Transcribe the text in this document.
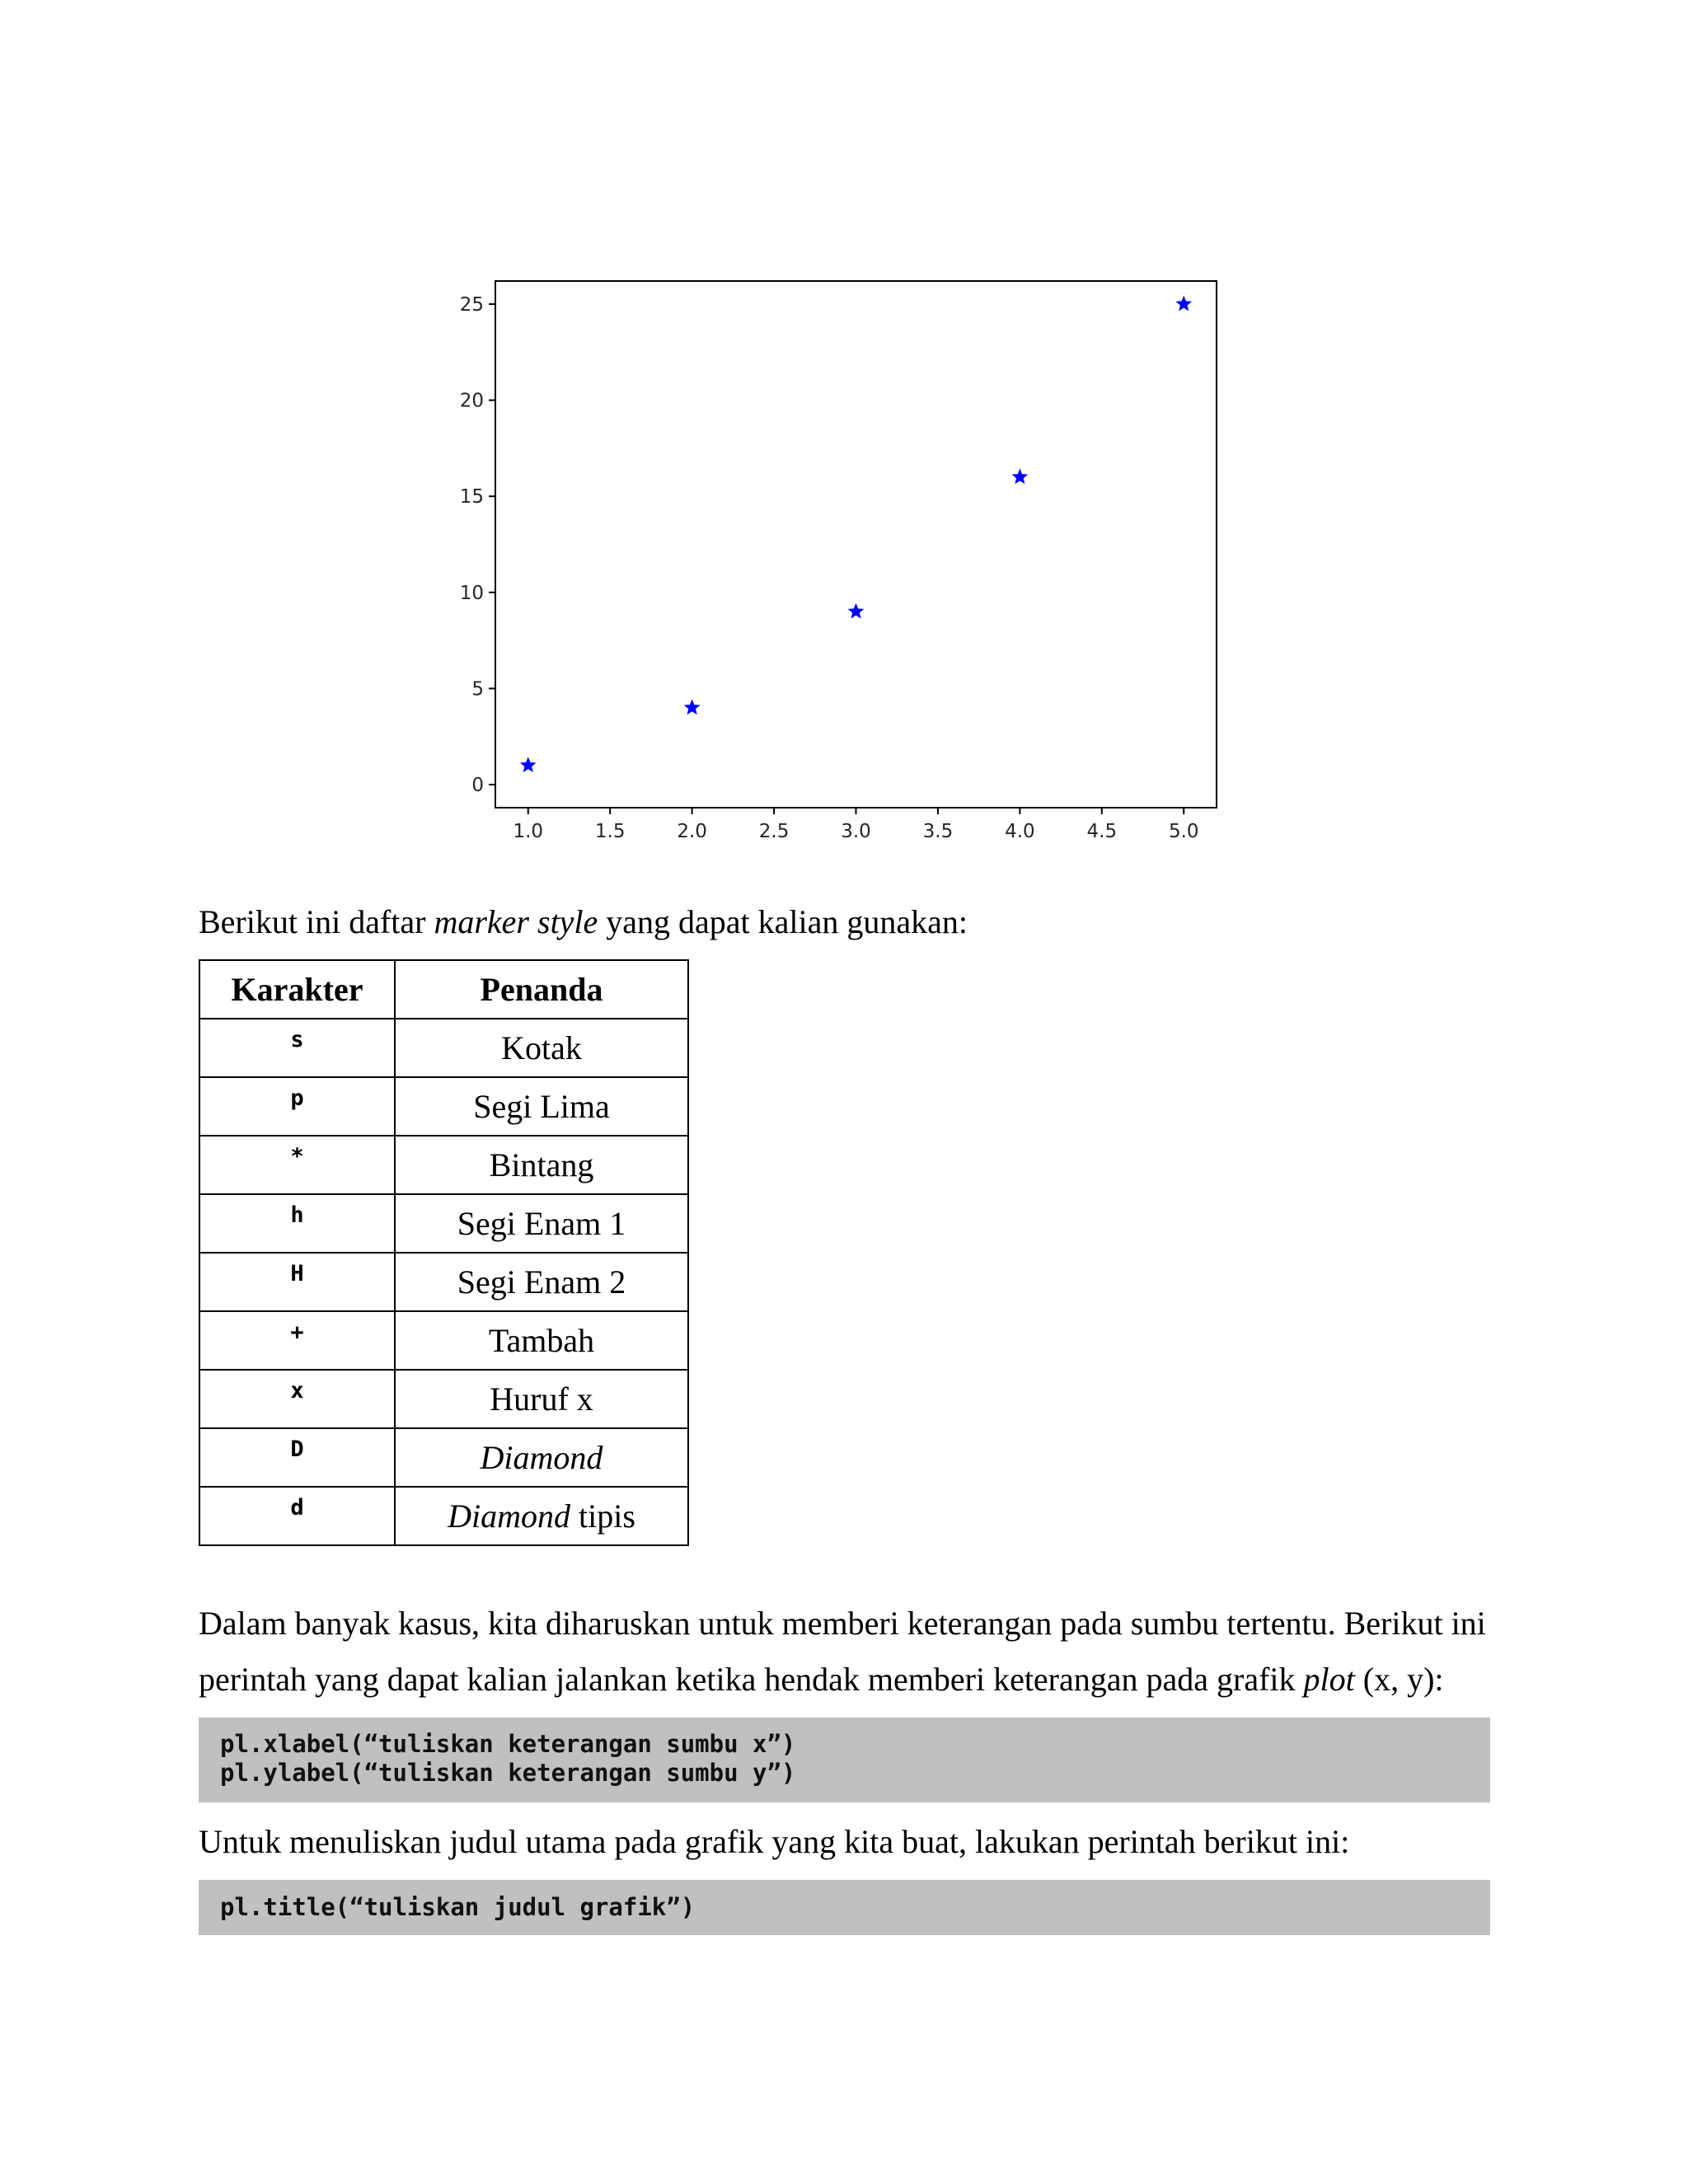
1.0	1.5	2.0	2.5	3.0	3.5	4.0	4.5	5.0
0
5
10
15
20
25

Berikut ini daftar marker style yang dapat kalian gunakan:

Karakter	Penanda
s	Kotak
p	Segi Lima
*	Bintang
h	Segi Enam 1
H	Segi Enam 2
+	Tambah
x	Huruf x
D	Diamond
d	Diamond tipis

Dalam banyak kasus, kita diharuskan untuk memberi keterangan pada sumbu tertentu. Berikut ini

perintah yang dapat kalian jalankan ketika hendak memberi keterangan pada grafik plot (x, y):

pl.xlabel(“tuliskan keterangan sumbu x”)
pl.ylabel(“tuliskan keterangan sumbu y”)

Untuk menuliskan judul utama pada grafik yang kita buat, lakukan perintah berikut ini:

pl.title(“tuliskan judul grafik”)
